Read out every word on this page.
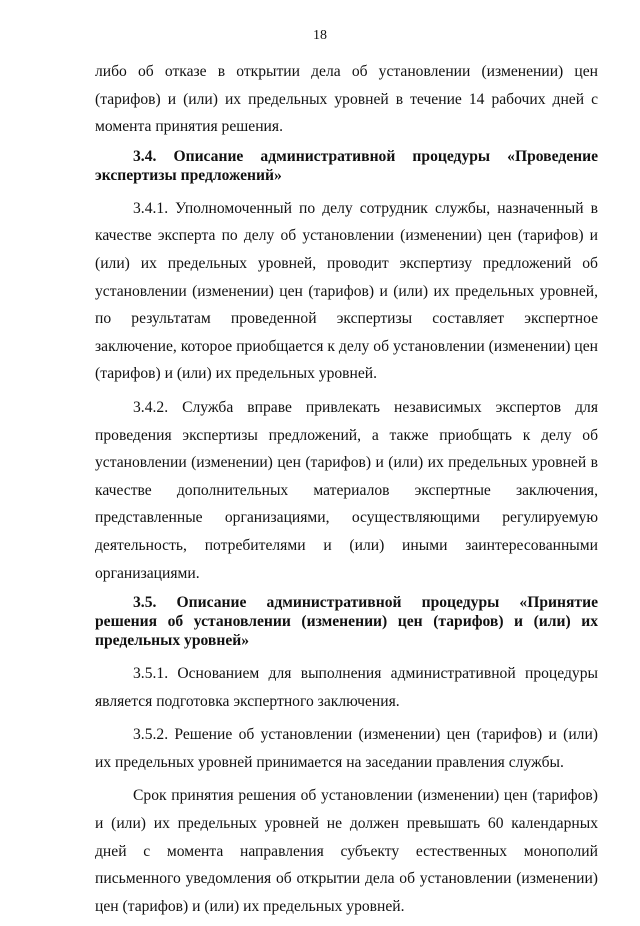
18

либо об отказе в открытии дела об установлении (изменении) цен (тарифов) и (или) их предельных уровней в течение 14 рабочих дней с момента принятия решения.

3.4. Описание административной процедуры «Проведение экспертизы предложений»

3.4.1. Уполномоченный по делу сотрудник службы, назначенный в качестве эксперта по делу об установлении (изменении) цен (тарифов) и (или) их предельных уровней, проводит экспертизу предложений об установлении (изменении) цен (тарифов) и (или) их предельных уровней, по результатам проведенной экспертизы составляет экспертное заключение, которое приобщается к делу об установлении (изменении) цен (тарифов) и (или) их предельных уровней.

3.4.2. Служба вправе привлекать независимых экспертов для проведения экспертизы предложений, а также приобщать к делу об установлении (изменении) цен (тарифов) и (или) их предельных уровней в качестве дополнительных материалов экспертные заключения, представленные организациями, осуществляющими регулируемую деятельность, потребителями и (или) иными заинтересованными организациями.

3.5. Описание административной процедуры «Принятие решения об установлении (изменении) цен (тарифов) и (или) их предельных уровней»

3.5.1. Основанием для выполнения административной процедуры является подготовка экспертного заключения.

3.5.2. Решение об установлении (изменении) цен (тарифов) и (или) их предельных уровней принимается на заседании правления службы.

Срок принятия решения об установлении (изменении) цен (тарифов) и (или) их предельных уровней не должен превышать 60 календарных дней с момента направления субъекту естественных монополий письменного уведомления об открытии дела об установлении (изменении) цен (тарифов) и (или) их предельных уровней.
